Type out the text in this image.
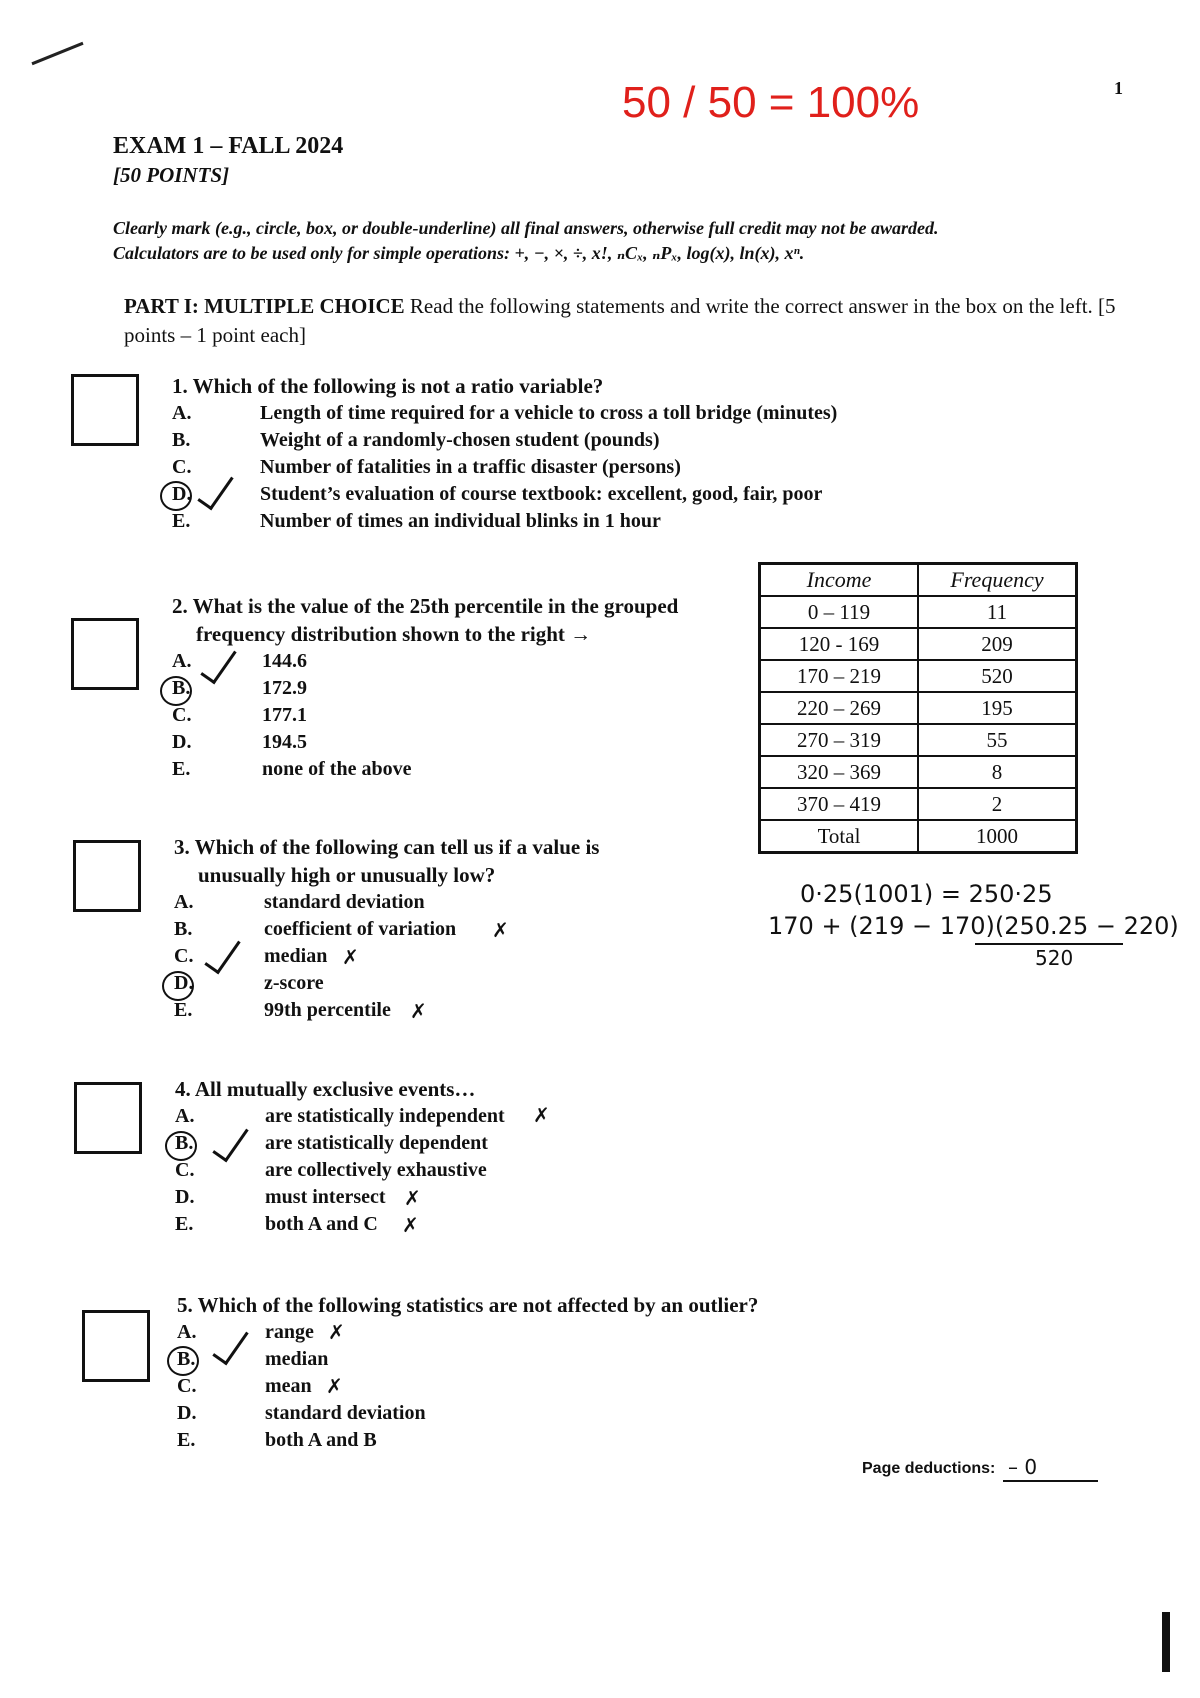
50 / 50 = 100%	1
EXAM 1 – FALL 2024
[50 POINTS]
Clearly mark (e.g., circle, box, or double-underline) all final answers, otherwise full credit may not be awarded.
Calculators are to be used only for simple operations: +, −, ×, ÷, x!, ₙCₓ, ₙPₓ, log(x), ln(x), xⁿ.
PART I: MULTIPLE CHOICE Read the following statements and write the correct answer in the box on the left. [5 points – 1 point each]
1. Which of the following is not a ratio variable?
A.	Length of time required for a vehicle to cross a toll bridge (minutes)
B.	Weight of a randomly-chosen student (pounds)
C.	Number of fatalities in a traffic disaster (persons)
D.	Student’s evaluation of course textbook: excellent, good, fair, poor
E.	Number of times an individual blinks in 1 hour
Income	Frequency
0 – 119	11
120 - 169	209
170 – 219	520
220 – 269	195
270 – 319	55
320 – 369	8
370 – 419	2
Total	1000
2. What is the value of the 25th percentile in the grouped
frequency distribution shown to the right →
A.	144.6
B.	172.9
C.	177.1
D.	194.5
E.	none of the above
3. Which of the following can tell us if a value is
unusually high or unusually low?
A.	standard deviation
B.	coefficient of variation
C.	median
D.	z-score
E.	99th percentile
✗
✗
✗
0·25(1001) = 250·25
170 + (219 − 170)(250.25 − 220)
520
4. All mutually exclusive events…
A.	are statistically independent
B.	are statistically dependent
C.	are collectively exhaustive
D.	must intersect
E.	both A and C
✗
✗
✗
5. Which of the following statistics are not affected by an outlier?
A.	range
B.	median
C.	mean
D.	standard deviation
E.	both A and B
✗
✗
Page deductions: – 0
